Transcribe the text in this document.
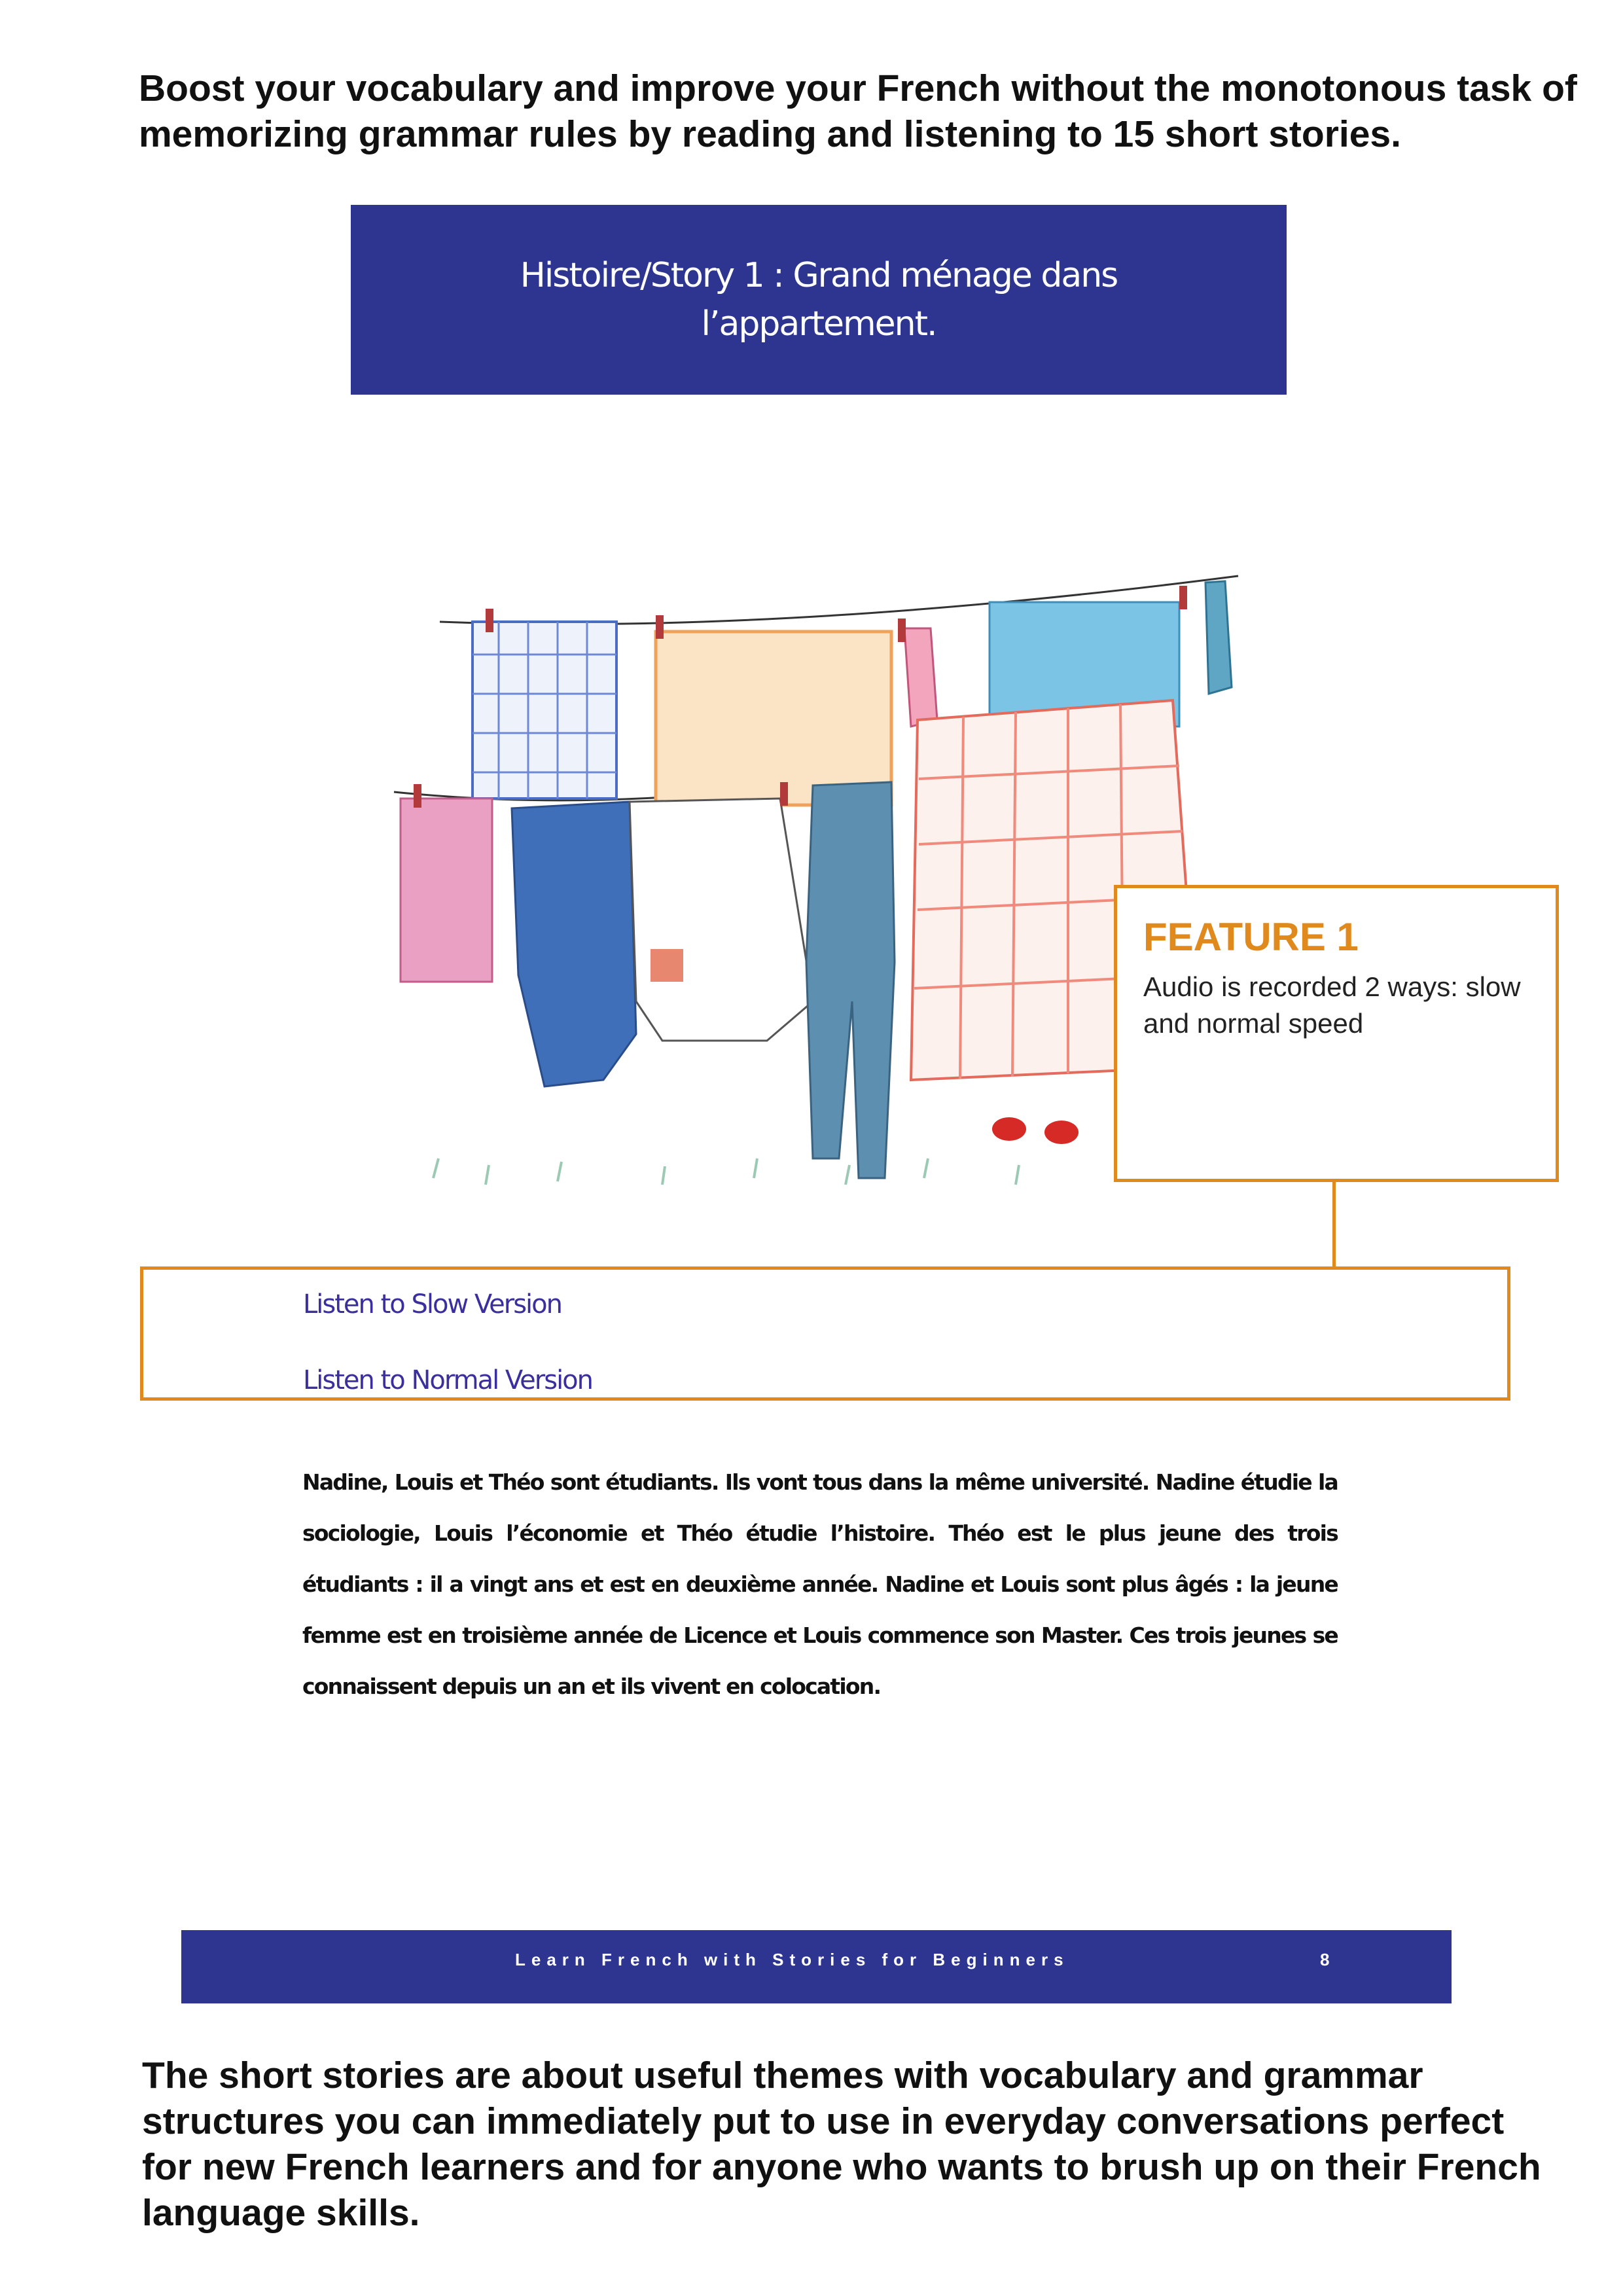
Boost your vocabulary and improve your French without the monotonous task of memorizing grammar rules by reading and listening to 15 short stories.
Histoire/Story 1 : Grand ménage dans l’appartement.
FEATURE 1

Audio is recorded 2 ways: slow and normal speed

Listen to Slow Version
Listen to Normal Version
Nadine, Louis et Théo sont étudiants. Ils vont tous dans la même université. Nadine étudie la sociologie, Louis l’économie et Théo étudie l’histoire. Théo est le plus jeune des trois étudiants : il a vingt ans et est en deuxième année. Nadine et Louis sont plus âgés : la jeune femme est en troisième année de Licence et Louis commence son Master. Ces trois jeunes se connaissent depuis un an et ils vivent en colocation.
Learn French with Stories for Beginners	8
The short stories are about useful themes with vocabulary and grammar structures you can immediately put to use in everyday conversations perfect for new French learners and for anyone who wants to brush up on their French language skills.
